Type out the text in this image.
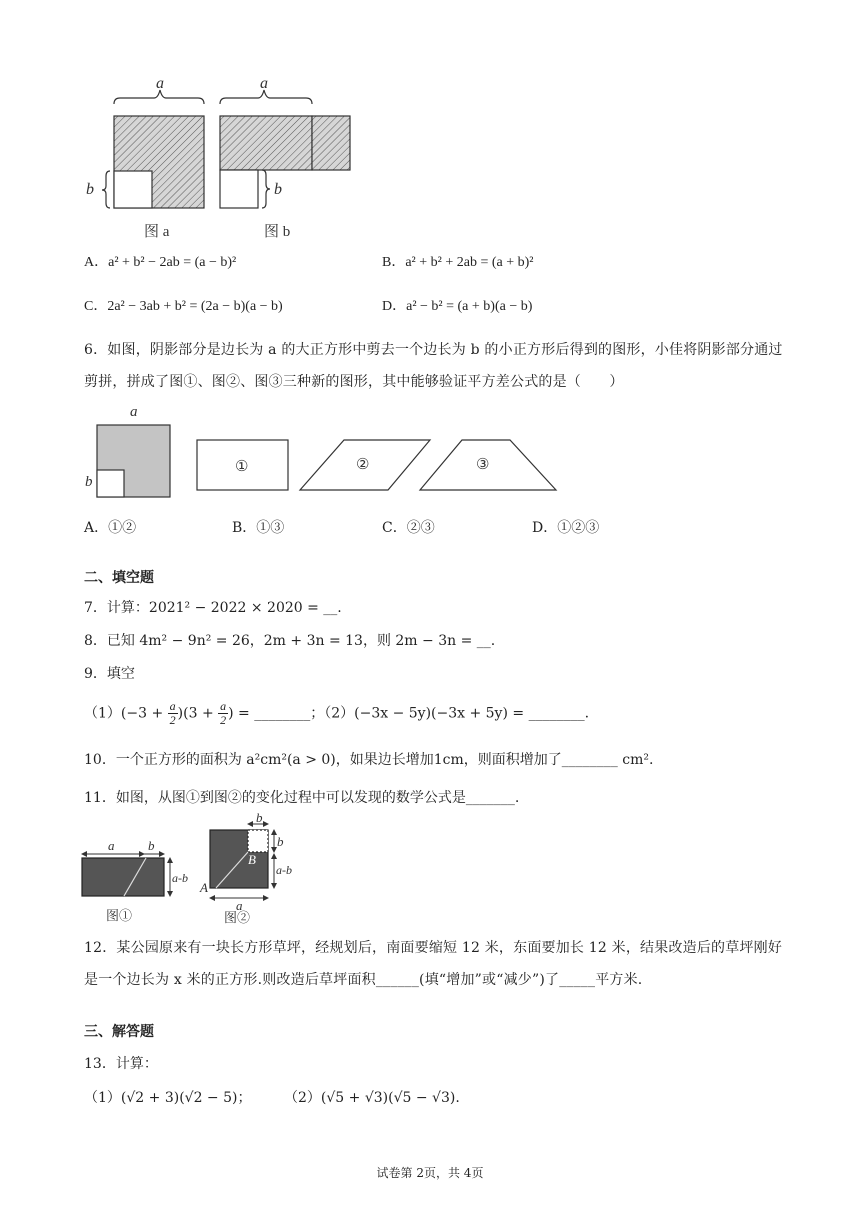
a
b
图 a
a
b
图 b
A．a² + b² − 2ab = (a − b)²	B．a² + b² + 2ab = (a + b)²
C．2a² − 3ab + b² = (2a − b)(a − b)	D．a² − b² = (a + b)(a − b)
6．如图，阴影部分是边长为 a 的大正方形中剪去一个边长为 b 的小正方形后得到的图形，小佳将阴影部分通过剪拼，拼成了图①、图②、图③三种新的图形，其中能够验证平方差公式的是（　　）
a
b
①	②	③
A．①②	B．①③	C．②③	D．①②③
二、填空题
7．计算：2021² − 2022 × 2020 = __.
8．已知 4m² − 9n² = 26，2m + 3n = 13，则 2m − 3n = __.
9．填空
$(1)(-3 + \frac{a}{2} )(3 + \frac{a}{2}$ ) = ________；（2）(−3x − 5y)(−3x + 5y) = ________.
10．一个正方形的面积为 a²cm²(a > 0)，如果边长增加1cm，则面积增加了________ cm².
11．如图，从图①到图②的变化过程中可以发现的数学公式是_______.
a	b
a-b
图①
b
b
B
a-b
A
a
图②
12．某公园原来有一块长方形草坪，经规划后，南面要缩短 12 米，东面要加长 12 米，结果改造后的草坪刚好是一个边长为 x 米的正方形.则改造后草坪面积______(填“增加”或“减少”)了_____平方米.
三、解答题
13．计算：
（1）(√2 + 3)(√2 − 5)； （2）(√5 + √3)(√5 − √3).
试卷第 2页，共 4页
